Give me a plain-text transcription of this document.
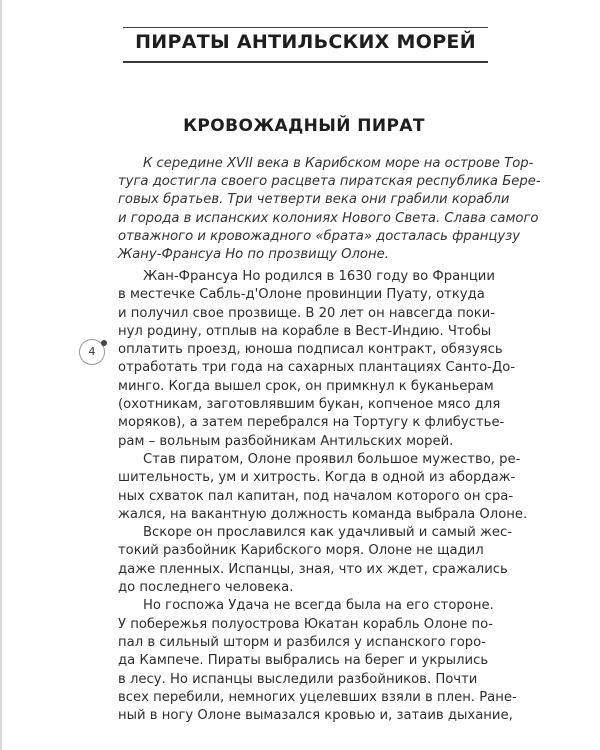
ПИРАТЫ АНТИЛЬСКИХ МОРЕЙ
КРОВОЖАДНЫЙ ПИРАТ
К середине XVII века в Карибском море на острове Тор-
туга достигла своего расцвета пиратская республика Бере-
говых братьев. Три четверти века они грабили корабли
и города в испанских колониях Нового Света. Слава самого
отважного и кровожадного «брата» досталась французу
Жану-Франсуа Но по прозвищу Олоне.
Жан-Франсуа Но родился в 1630 году во Франции
в местечке Сабль-д'Олоне провинции Пуату, откуда
и получил свое прозвище. В 20 лет он навсегда поки-
нул родину, отплыв на корабле в Вест-Индию. Чтобы
оплатить проезд, юноша подписал контракт, обязуясь
отработать три года на сахарных плантациях Санто-До-
минго. Когда вышел срок, он примкнул к буканьерам
(охотникам, заготовлявшим букан, копченое мясо для
моряков), а затем перебрался на Тортугу к флибустье-
рам – вольным разбойникам Антильских морей.
Став пиратом, Олоне проявил большое мужество, ре-
шительность, ум и хитрость. Когда в одной из абордаж-
ных схваток пал капитан, под началом которого он сра-
жался, на вакантную должность команда выбрала Олоне.
Вскоре он прославился как удачливый и самый жес-
токий разбойник Карибского моря. Олоне не щадил
даже пленных. Испанцы, зная, что их ждет, сражались
до последнего человека.
Но госпожа Удача не всегда была на его стороне.
У побережья полуострова Юкатан корабль Олоне по-
пал в сильный шторм и разбился у испанского горо-
да Кампече. Пираты выбрались на берег и укрылись
в лесу. Но испанцы выследили разбойников. Почти
всех перебили, немногих уцелевших взяли в плен. Ране-
ный в ногу Олоне вымазался кровью и, затаив дыхание,
4
